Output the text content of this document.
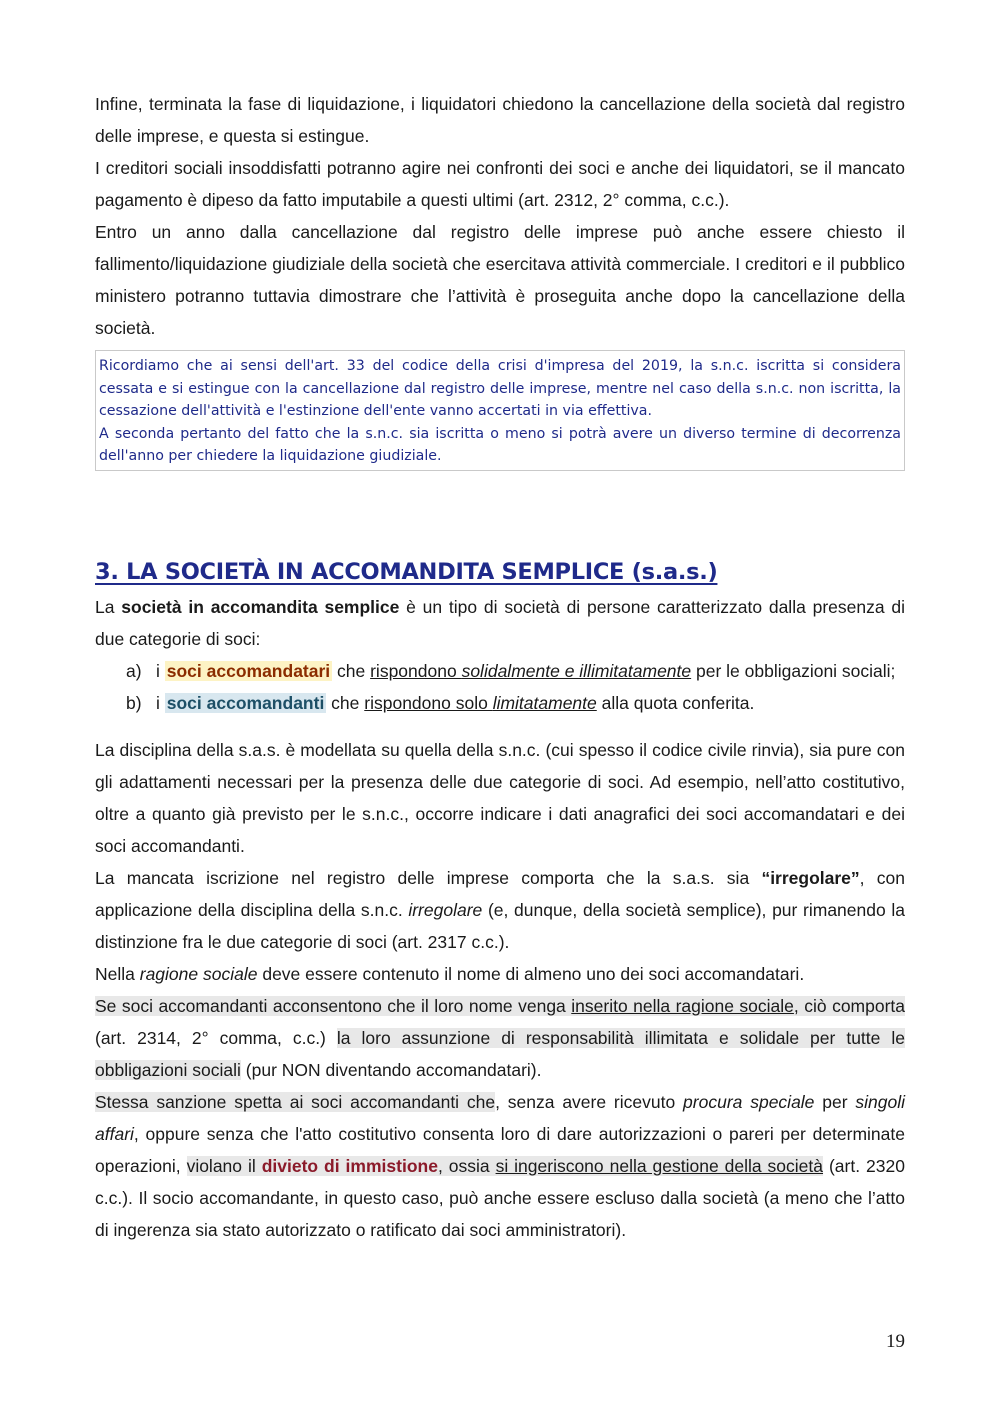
Infine, terminata la fase di liquidazione, i liquidatori chiedono la cancellazione della società dal registro delle imprese, e questa si estingue.

I creditori sociali insoddisfatti potranno agire nei confronti dei soci e anche dei liquidatori, se il mancato pagamento è dipeso da fatto imputabile a questi ultimi (art. 2312, 2° comma, c.c.).

Entro un anno dalla cancellazione dal registro delle imprese può anche essere chiesto il fallimento/liquidazione giudiziale della società che esercitava attività commerciale. I creditori e il pubblico ministero potranno tuttavia dimostrare che l’attività è proseguita anche dopo la cancellazione della società.

Ricordiamo che ai sensi dell'art. 33 del codice della crisi d'impresa del 2019, la s.n.c. iscritta si considera cessata e si estingue con la cancellazione dal registro delle imprese, mentre nel caso della s.n.c. non iscritta, la cessazione dell'attività e l'estinzione dell'ente vanno accertati in via effettiva.

A seconda pertanto del fatto che la s.n.c. sia iscritta o meno si potrà avere un diverso termine di decorrenza dell'anno per chiedere la liquidazione giudiziale.

3. LA SOCIETÀ IN ACCOMANDITA SEMPLICE (s.a.s.)

La società in accomandita semplice è un tipo di società di persone caratterizzato dalla presenza di due categorie di soci:

a) i soci accomandatari che rispondono solidalmente e illimitatamente per le obbligazioni sociali;
b) i soci accomandanti che rispondono solo limitatamente alla quota conferita.

La disciplina della s.a.s. è modellata su quella della s.n.c. (cui spesso il codice civile rinvia), sia pure con gli adattamenti necessari per la presenza delle due categorie di soci. Ad esempio, nell’atto costitutivo, oltre a quanto già previsto per le s.n.c., occorre indicare i dati anagrafici dei soci accomandatari e dei soci accomandanti.

La mancata iscrizione nel registro delle imprese comporta che la s.a.s. sia “irregolare”, con applicazione della disciplina della s.n.c. irregolare (e, dunque, della società semplice), pur rimanendo la distinzione fra le due categorie di soci (art. 2317 c.c.).

Nella ragione sociale deve essere contenuto il nome di almeno uno dei soci accomandatari.

Se soci accomandanti acconsentono che il loro nome venga inserito nella ragione sociale, ciò comporta (art. 2314, 2° comma, c.c.) la loro assunzione di responsabilità illimitata e solidale per tutte le obbligazioni sociali (pur NON diventando accomandatari).

Stessa sanzione spetta ai soci accomandanti che, senza avere ricevuto procura speciale per singoli affari, oppure senza che l'atto costitutivo consenta loro di dare autorizzazioni o pareri per determinate operazioni, violano il divieto di immistione, ossia si ingeriscono nella gestione della società (art. 2320 c.c.). Il socio accomandante, in questo caso, può anche essere escluso dalla società (a meno che l’atto di ingerenza sia stato autorizzato o ratificato dai soci amministratori).

19
